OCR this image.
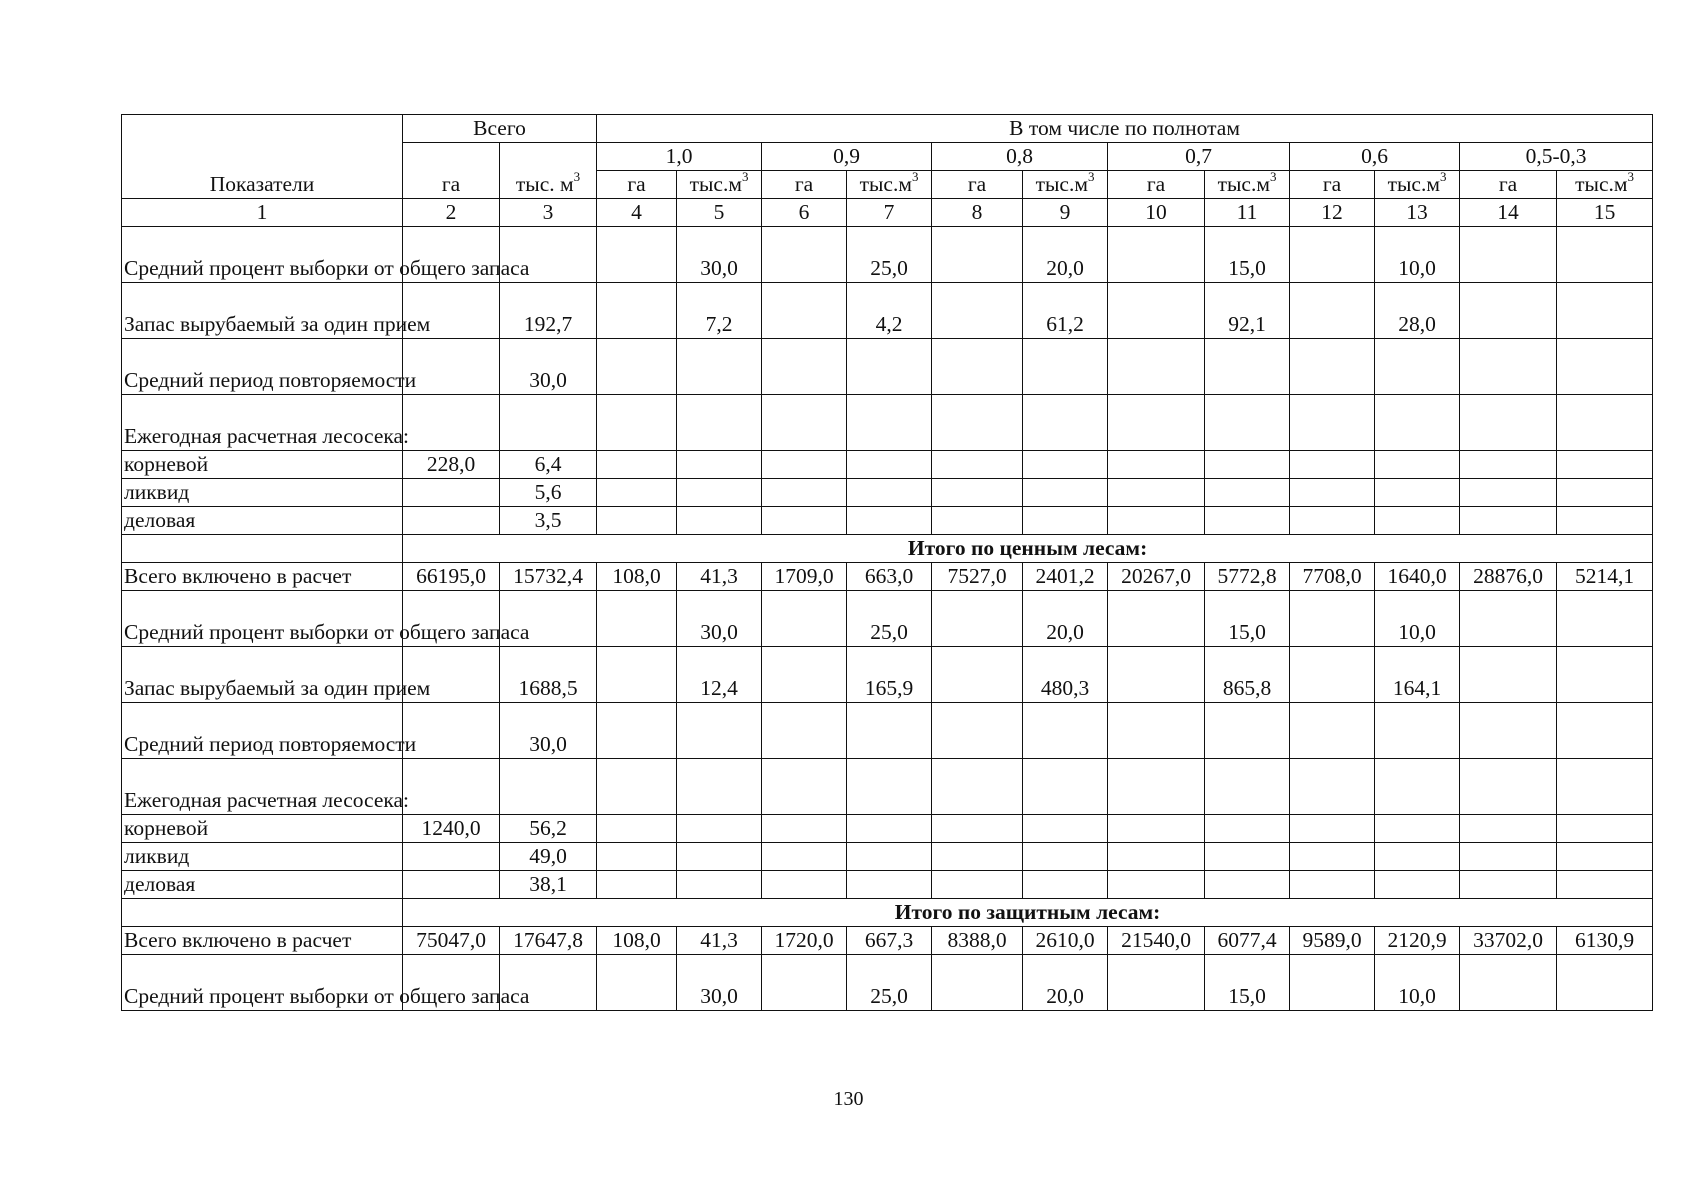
Показатели	Всего		В том числе по полнотам											
	га	тыс. $м^3$	1,0		0,9		0,8		0,7		0,6		0,5-0,3	
			га	$тыс.м^3$	га	$тыс.м^3$	га	$тыс.м^3$	га	$тыс.м^3$	га	$тыс.м^3$	га	$тыс.м^3$
1	2	3	4	5	6	7	8	9	10	11	12	13	14	15
Средний процент выборки от общего запаса				30,0		25,0		20,0		15,0		10,0		
Запас вырубаемый за один прием		192,7		7,2		4,2		61,2		92,1		28,0		
Средний период повторяемости		30,0												
Ежегодная расчетная лесосека:														
корневой	228,0	6,4												
ликвид		5,6												
деловая		3,5												
	Итого по ценным лесам:													
Всего включено в расчет	66195,0	15732,4	108,0	41,3	1709,0	663,0	7527,0	2401,2	20267,0	5772,8	7708,0	1640,0	28876,0	5214,1
Средний процент выборки от общего запаса				30,0		25,0		20,0		15,0		10,0		
Запас вырубаемый за один прием		1688,5		12,4		165,9		480,3		865,8		164,1		
Средний период повторяемости		30,0												
Ежегодная расчетная лесосека:														
корневой	1240,0	56,2												
ликвид		49,0												
деловая		38,1												
	Итого по защитным лесам:													
Всего включено в расчет	75047,0	17647,8	108,0	41,3	1720,0	667,3	8388,0	2610,0	21540,0	6077,4	9589,0	2120,9	33702,0	6130,9
Средний процент выборки от общего запаса				30,0		25,0		20,0		15,0		10,0		
130
